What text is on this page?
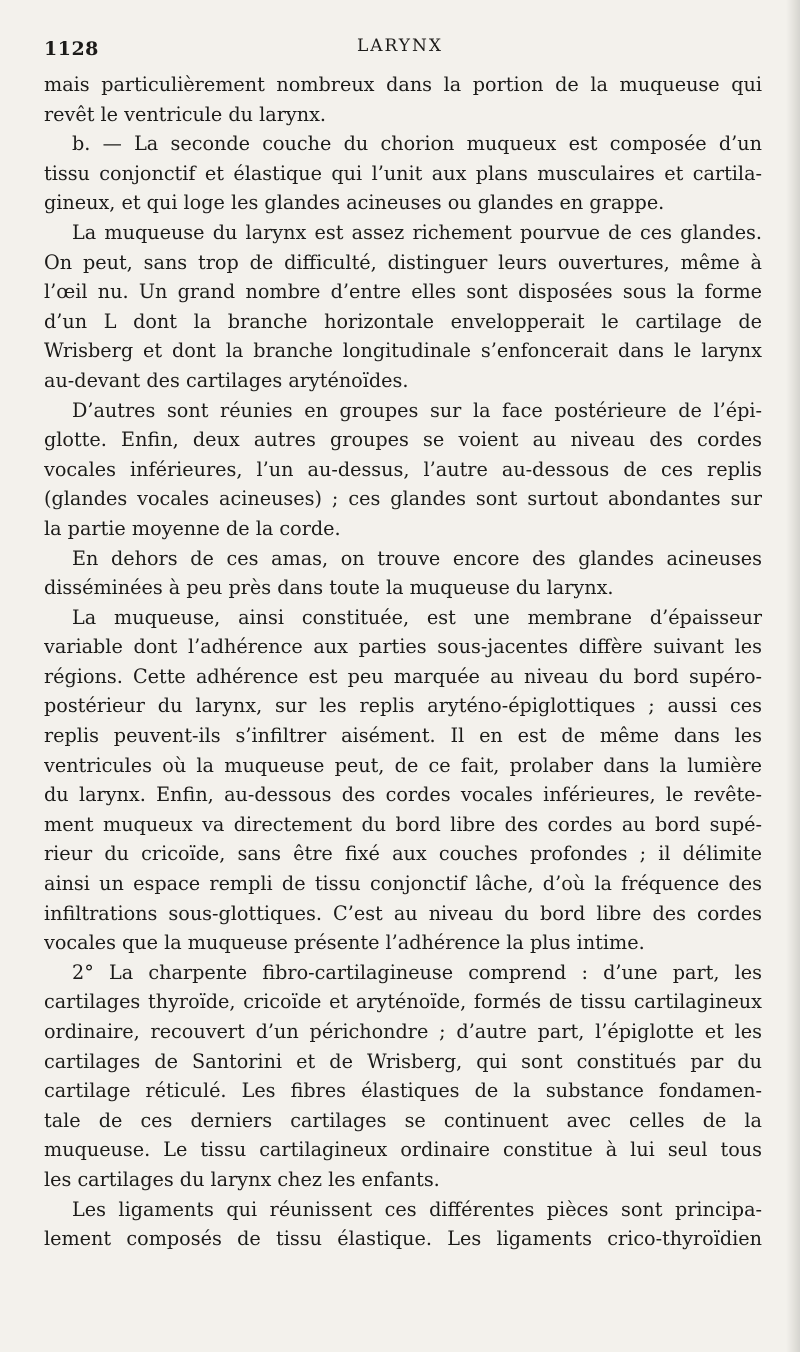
1128	LARYNX
mais particulièrement nombreux dans la portion de la muqueuse qui
revêt le ventricule du larynx.
b. — La seconde couche du chorion muqueux est composée d’un
tissu conjonctif et élastique qui l’unit aux plans musculaires et cartila-
gineux, et qui loge les glandes acineuses ou glandes en grappe.
La muqueuse du larynx est assez richement pourvue de ces glandes.
On peut, sans trop de difficulté, distinguer leurs ouvertures, même à
l’œil nu. Un grand nombre d’entre elles sont disposées sous la forme
d’un L dont la branche horizontale envelopperait le cartilage de
Wrisberg et dont la branche longitudinale s’enfoncerait dans le larynx
au-devant des cartilages aryténoïdes.
D’autres sont réunies en groupes sur la face postérieure de l’épi-
glotte. Enfin, deux autres groupes se voient au niveau des cordes
vocales inférieures, l’un au-dessus, l’autre au-dessous de ces replis
(glandes vocales acineuses) ; ces glandes sont surtout abondantes sur
la partie moyenne de la corde.
En dehors de ces amas, on trouve encore des glandes acineuses
disséminées à peu près dans toute la muqueuse du larynx.
La muqueuse, ainsi constituée, est une membrane d’épaisseur
variable dont l’adhérence aux parties sous-jacentes diffère suivant les
régions. Cette adhérence est peu marquée au niveau du bord supéro-
postérieur du larynx, sur les replis aryténo-épiglottiques ; aussi ces
replis peuvent-ils s’infiltrer aisément. Il en est de même dans les
ventricules où la muqueuse peut, de ce fait, prolaber dans la lumière
du larynx. Enfin, au-dessous des cordes vocales inférieures, le revête-
ment muqueux va directement du bord libre des cordes au bord supé-
rieur du cricoïde, sans être fixé aux couches profondes ; il délimite
ainsi un espace rempli de tissu conjonctif lâche, d’où la fréquence des
infiltrations sous-glottiques. C’est au niveau du bord libre des cordes
vocales que la muqueuse présente l’adhérence la plus intime.
2° La charpente fibro-cartilagineuse comprend : d’une part, les
cartilages thyroïde, cricoïde et aryténoïde, formés de tissu cartilagineux
ordinaire, recouvert d’un périchondre ; d’autre part, l’épiglotte et les
cartilages de Santorini et de Wrisberg, qui sont constitués par du
cartilage réticulé. Les fibres élastiques de la substance fondamen-
tale de ces derniers cartilages se continuent avec celles de la
muqueuse. Le tissu cartilagineux ordinaire constitue à lui seul tous
les cartilages du larynx chez les enfants.
Les ligaments qui réunissent ces différentes pièces sont principa-
lement composés de tissu élastique. Les ligaments crico-thyroïdien
